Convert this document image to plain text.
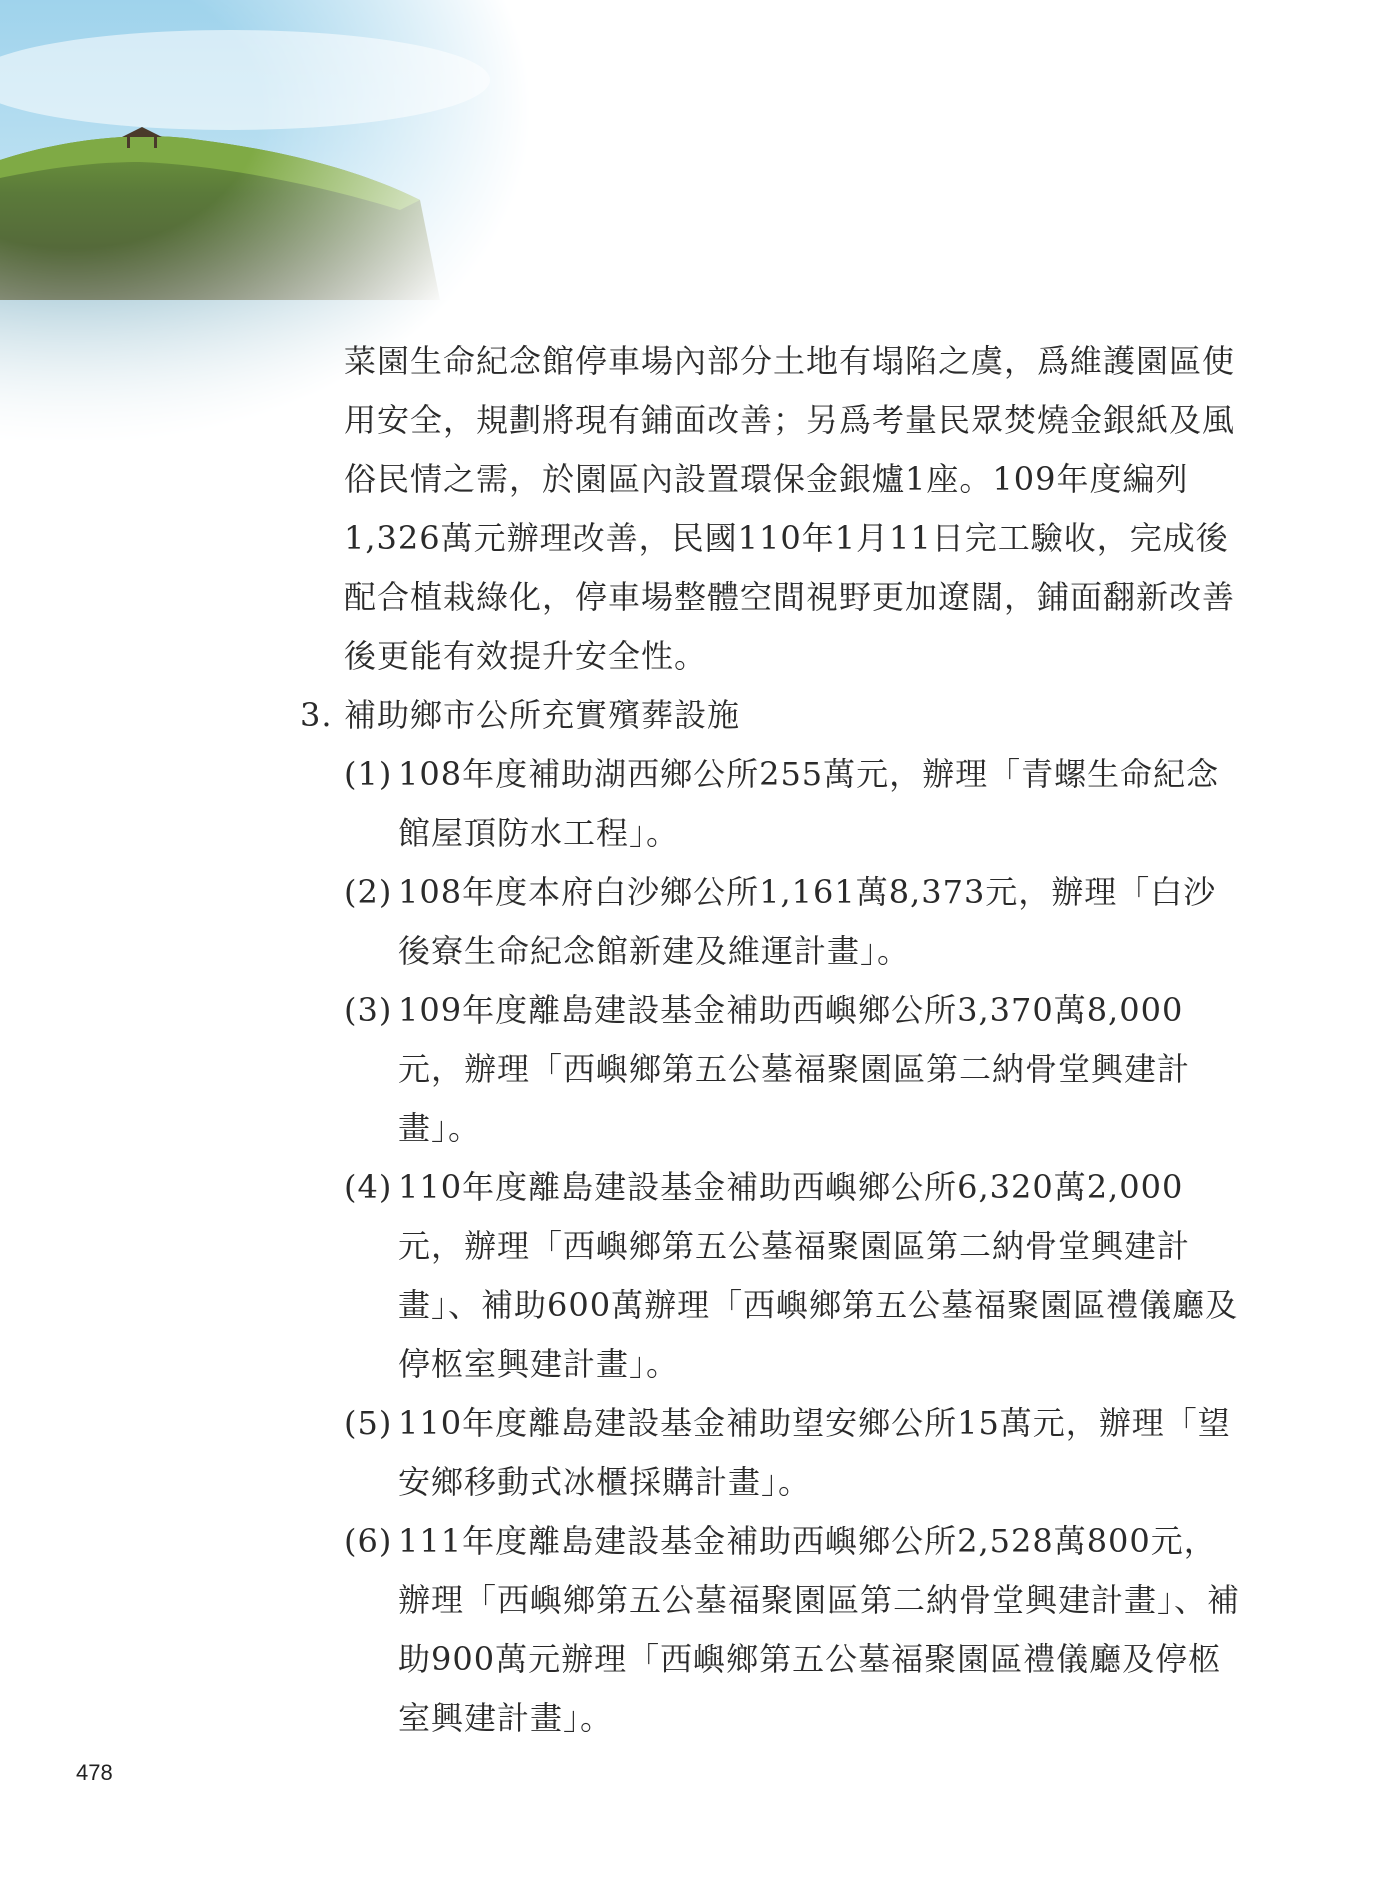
菜園生命紀念館停車場內部分土地有塌陷之虞，爲維護園區使用安全，規劃將現有鋪面改善；另爲考量民眾焚燒金銀紙及風俗民情之需，於園區內設置環保金銀爐1座。109年度編列1,326萬元辦理改善，民國110年1月11日完工驗收，完成後配合植栽綠化，停車場整體空間視野更加遼闊，鋪面翻新改善後更能有效提升安全性。

3. 補助鄉市公所充實殯葬設施
(1) 108年度補助湖西鄉公所255萬元，辦理「青螺生命紀念館屋頂防水工程」。
(2) 108年度本府白沙鄉公所1,161萬8,373元，辦理「白沙後寮生命紀念館新建及維運計畫」。
(3) 109年度離島建設基金補助西嶼鄉公所3,370萬8,000元，辦理「西嶼鄉第五公墓福聚園區第二納骨堂興建計畫」。
(4) 110年度離島建設基金補助西嶼鄉公所6,320萬2,000元，辦理「西嶼鄉第五公墓福聚園區第二納骨堂興建計畫」、補助600萬辦理「西嶼鄉第五公墓福聚園區禮儀廳及停柩室興建計畫」。
(5) 110年度離島建設基金補助望安鄉公所15萬元，辦理「望安鄉移動式冰櫃採購計畫」。
(6) 111年度離島建設基金補助西嶼鄉公所2,528萬800元，辦理「西嶼鄉第五公墓福聚園區第二納骨堂興建計畫」、補助900萬元辦理「西嶼鄉第五公墓福聚園區禮儀廳及停柩室興建計畫」。
478
